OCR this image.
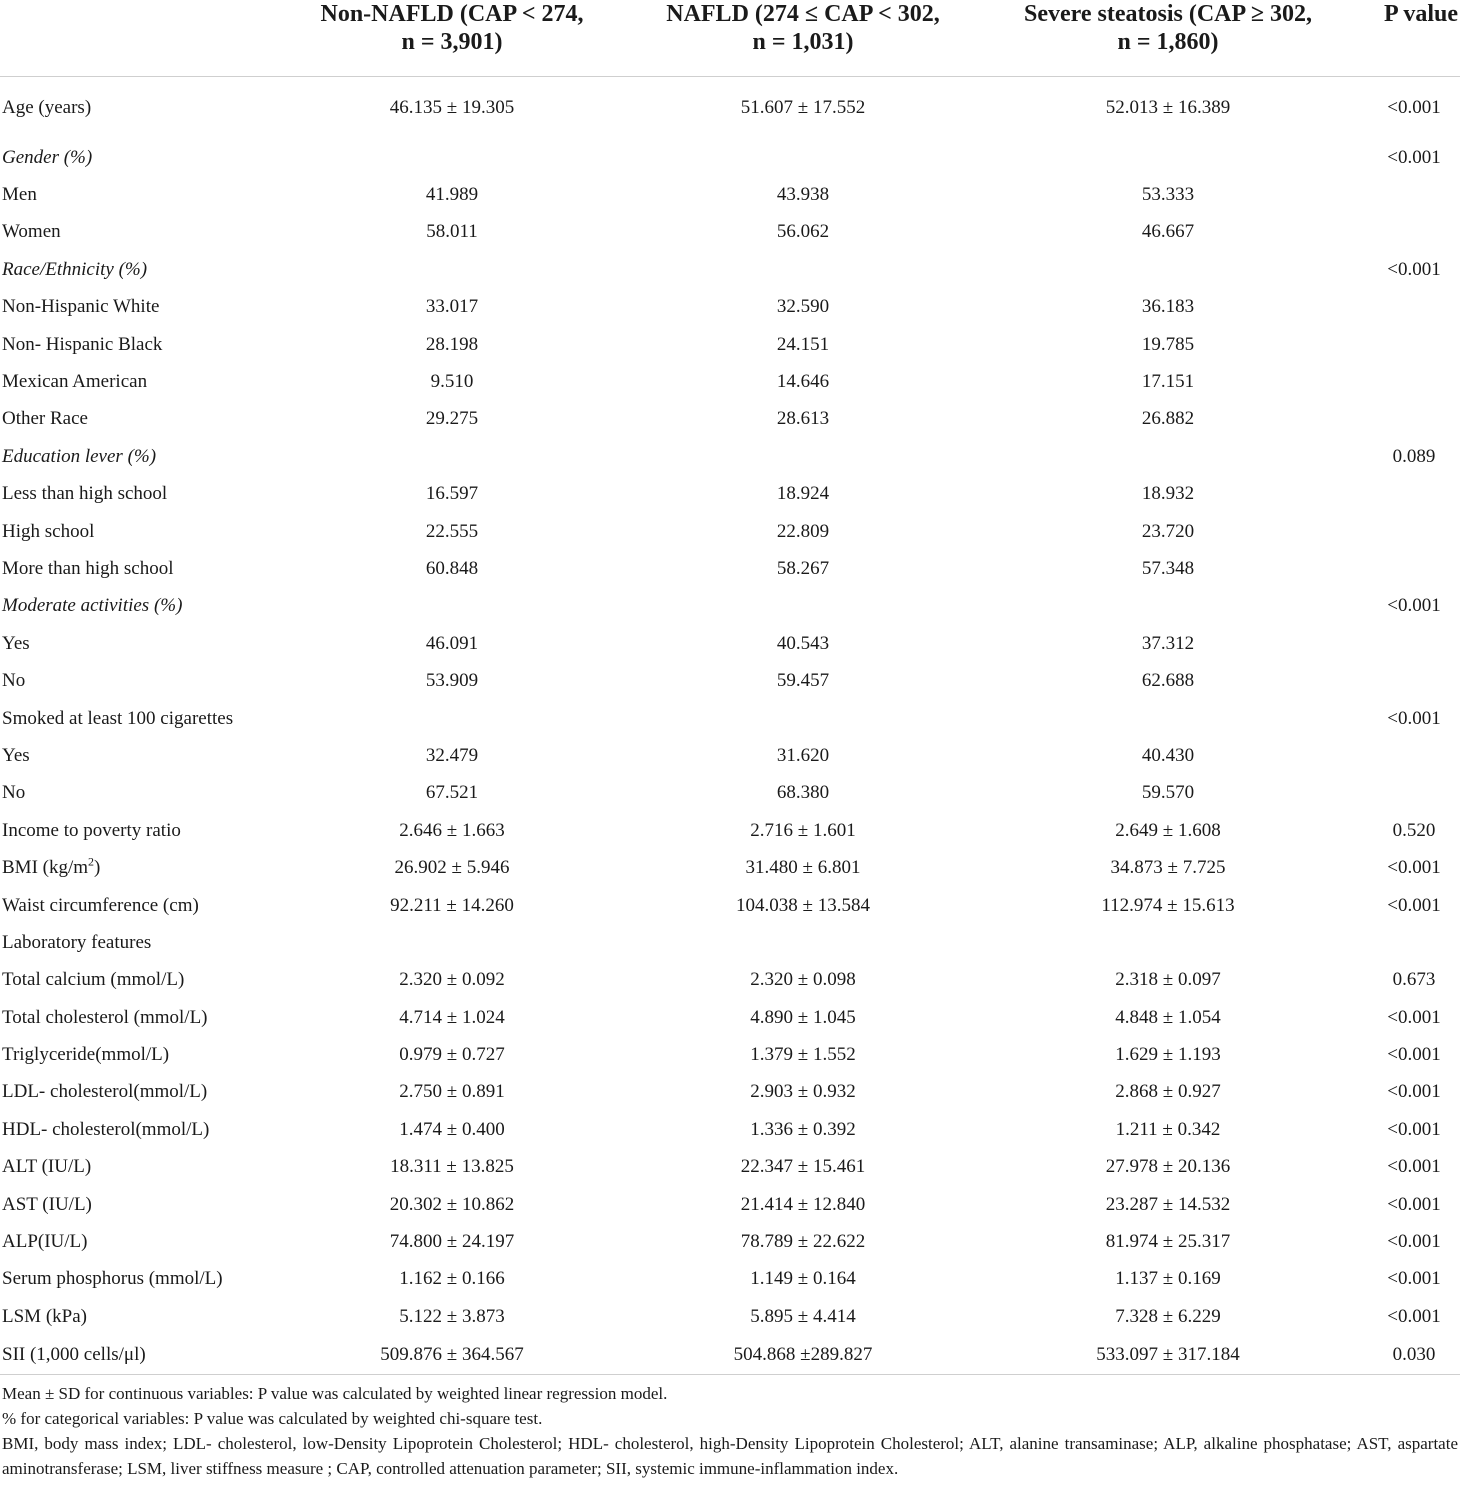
	Non-NAFLD (CAP < 274,
n = 3,901)	NAFLD (274 ≤ CAP < 302,
n = 1,031)	Severe steatosis (CAP ≥ 302,
n = 1,860)	P value
Age (years)	46.135 ± 19.305	51.607 ± 17.552	52.013 ± 16.389	<0.001
Gender (%)				<0.001
Men	41.989	43.938	53.333	
Women	58.011	56.062	46.667	
Race/Ethnicity (%)				<0.001
Non-Hispanic White	33.017	32.590	36.183	
Non- Hispanic Black	28.198	24.151	19.785	
Mexican American	9.510	14.646	17.151	
Other Race	29.275	28.613	26.882	
Education lever (%)				0.089
Less than high school	16.597	18.924	18.932	
High school	22.555	22.809	23.720	
More than high school	60.848	58.267	57.348	
Moderate activities (%)				<0.001
Yes	46.091	40.543	37.312	
No	53.909	59.457	62.688	
Smoked at least 100 cigarettes				<0.001
Yes	32.479	31.620	40.430	
No	67.521	68.380	59.570	
Income to poverty ratio	2.646 ± 1.663	2.716 ± 1.601	2.649 ± 1.608	0.520
BMI $(kg/m^2)$	26.902 ± 5.946	31.480 ± 6.801	34.873 ± 7.725	<0.001
Waist circumference (cm)	92.211 ± 14.260	104.038 ± 13.584	112.974 ± 15.613	<0.001
Laboratory features				
Total calcium (mmol/L)	2.320 ± 0.092	2.320 ± 0.098	2.318 ± 0.097	0.673
Total cholesterol (mmol/L)	4.714 ± 1.024	4.890 ± 1.045	4.848 ± 1.054	<0.001
Triglyceride(mmol/L)	0.979 ± 0.727	1.379 ± 1.552	1.629 ± 1.193	<0.001
LDL- cholesterol(mmol/L)	2.750 ± 0.891	2.903 ± 0.932	2.868 ± 0.927	<0.001
HDL- cholesterol(mmol/L)	1.474 ± 0.400	1.336 ± 0.392	1.211 ± 0.342	<0.001
ALT (IU/L)	18.311 ± 13.825	22.347 ± 15.461	27.978 ± 20.136	<0.001
AST (IU/L)	20.302 ± 10.862	21.414 ± 12.840	23.287 ± 14.532	<0.001
ALP(IU/L)	74.800 ± 24.197	78.789 ± 22.622	81.974 ± 25.317	<0.001
Serum phosphorus (mmol/L)	1.162 ± 0.166	1.149 ± 0.164	1.137 ± 0.169	<0.001
LSM (kPa)	5.122 ± 3.873	5.895 ± 4.414	7.328 ± 6.229	<0.001
SII (1,000 cells/μl)	509.876 ± 364.567	504.868 ±289.827	533.097 ± 317.184	0.030

Mean ± SD for continuous variables: P value was calculated by weighted linear regression model.

% for categorical variables: P value was calculated by weighted chi-square test.

BMI, body mass index; LDL- cholesterol, low-Density Lipoprotein Cholesterol; HDL- cholesterol, high-Density Lipoprotein Cholesterol; ALT, alanine transaminase; ALP, alkaline phosphatase; AST, aspartate aminotransferase; LSM, liver stiffness measure ; CAP, controlled attenuation parameter; SII, systemic immune-inflammation index.
